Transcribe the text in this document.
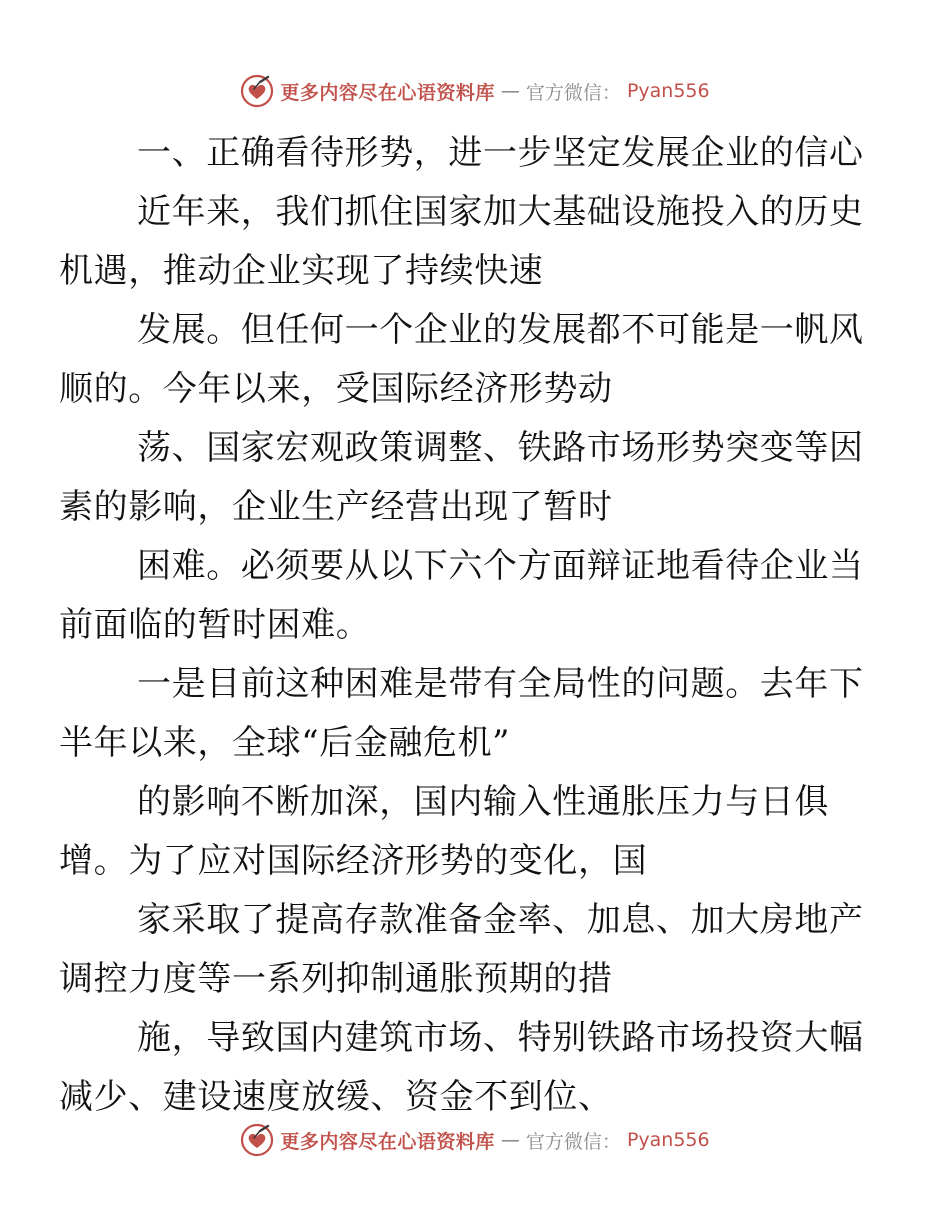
更多内容尽在心语资料库 — 官方微信： Pyan556

一、正确看待形势，进一步坚定发展企业的信心

近年来，我们抓住国家加大基础设施投入的历史
机遇，推动企业实现了持续快速

发展。但任何一个企业的发展都不可能是一帆风
顺的。今年以来，受国际经济形势动

荡、国家宏观政策调整、铁路市场形势突变等因
素的影响，企业生产经营出现了暂时

困难。必须要从以下六个方面辩证地看待企业当
前面临的暂时困难。

一是目前这种困难是带有全局性的问题。去年下
半年以来，全球“后金融危机”

的影响不断加深，国内输入性通胀压力与日俱
增。为了应对国际经济形势的变化，国

家采取了提高存款准备金率、加息、加大房地产
调控力度等一系列抑制通胀预期的措

施，导致国内建筑市场、特别铁路市场投资大幅
减少、建设速度放缓、资金不到位、

更多内容尽在心语资料库 — 官方微信： Pyan556
